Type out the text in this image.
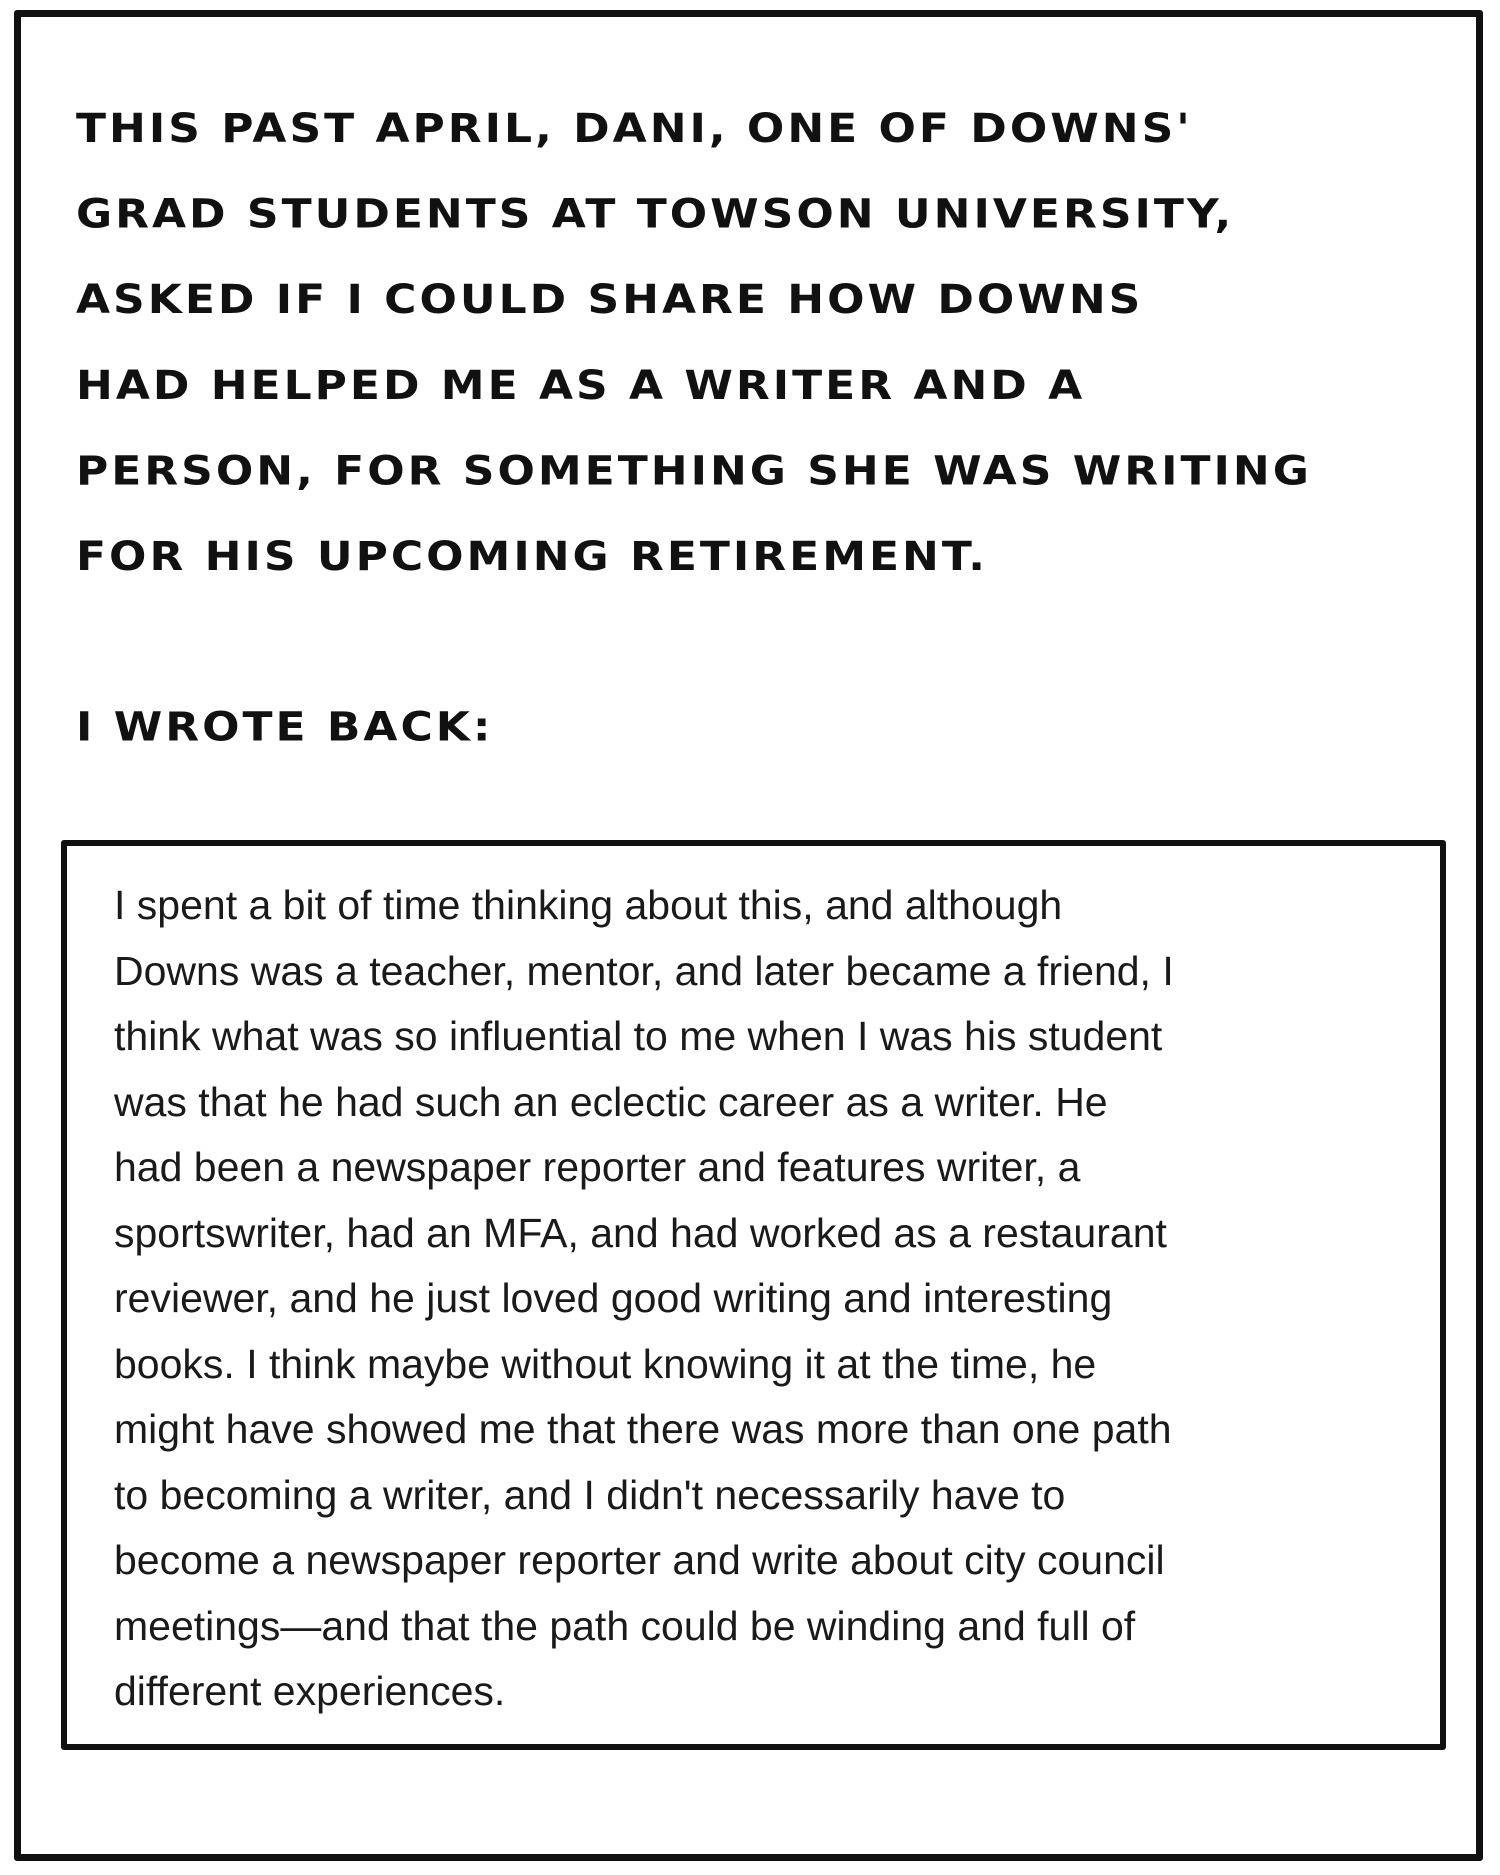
THIS PAST APRIL, DANI, ONE OF DOWNS'
GRAD STUDENTS AT TOWSON UNIVERSITY,
ASKED IF I COULD SHARE HOW DOWNS
HAD HELPED ME AS A WRITER AND A
PERSON, FOR SOMETHING SHE WAS WRITING
FOR HIS UPCOMING RETIREMENT.
I WROTE BACK:
I spent a bit of time thinking about this, and although
Downs was a teacher, mentor, and later became a friend, I
think what was so influential to me when I was his student
was that he had such an eclectic career as a writer. He
had been a newspaper reporter and features writer, a
sportswriter, had an MFA, and had worked as a restaurant
reviewer, and he just loved good writing and interesting
books. I think maybe without knowing it at the time, he
might have showed me that there was more than one path
to becoming a writer, and I didn't necessarily have to
become a newspaper reporter and write about city council
meetings—and that the path could be winding and full of
different experiences.
